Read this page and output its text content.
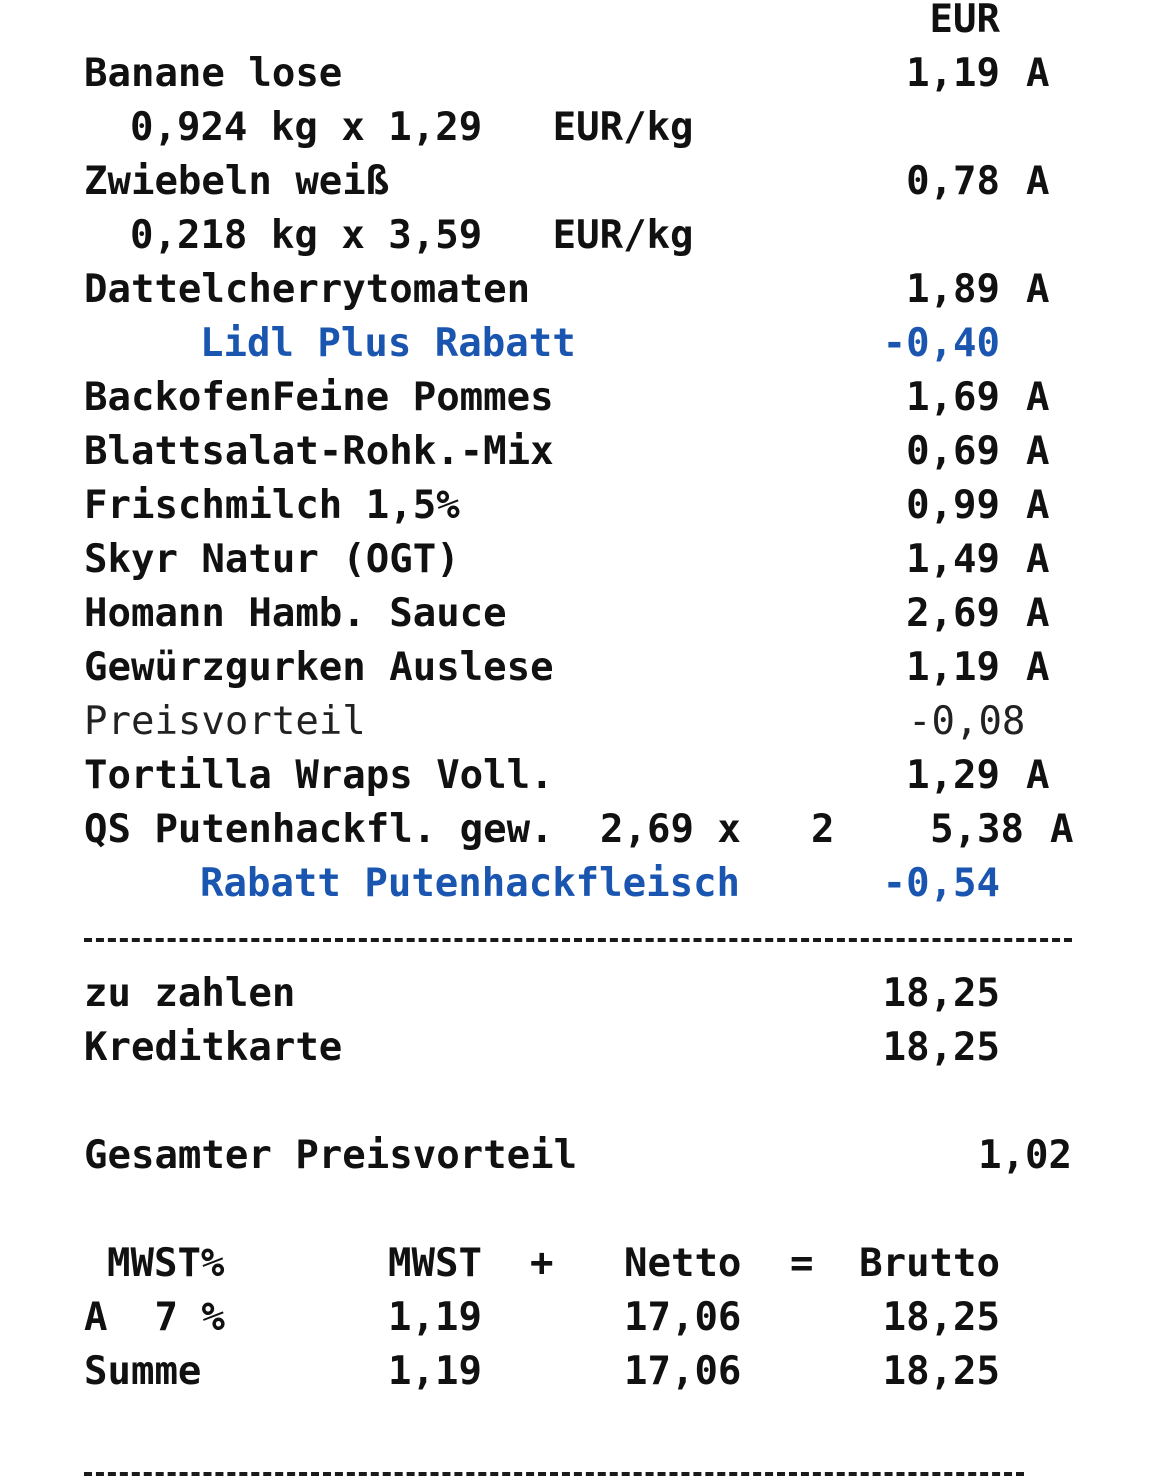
EUR
Banane lose	1,19 A
0,924 kg x 1,29   EUR/kg
Zwiebeln weiß	0,78 A
0,218 kg x 3,59   EUR/kg
Dattelcherrytomaten	1,89 A
Lidl Plus Rabatt	-0,40
BackofenFeine Pommes	1,69 A
Blattsalat-Rohk.-Mix	0,69 A
Frischmilch 1,5%	0,99 A
Skyr Natur (OGT)	1,49 A
Homann Hamb. Sauce	2,69 A
Gewürzgurken Auslese	1,19 A
Preisvorteil	-0,08
Tortilla Wraps Voll.	1,29 A
QS Putenhackfl. gew. 2,69 x 2 5,38 A
Rabatt Putenhackfleisch	-0,54
zu zahlen	18,25
Kreditkarte	18,25
Gesamter Preisvorteil	1,02
MWST%	MWST + Netto = Brutto
A  7 %	1,19	17,06	18,25
Summe	1,19	17,06	18,25
